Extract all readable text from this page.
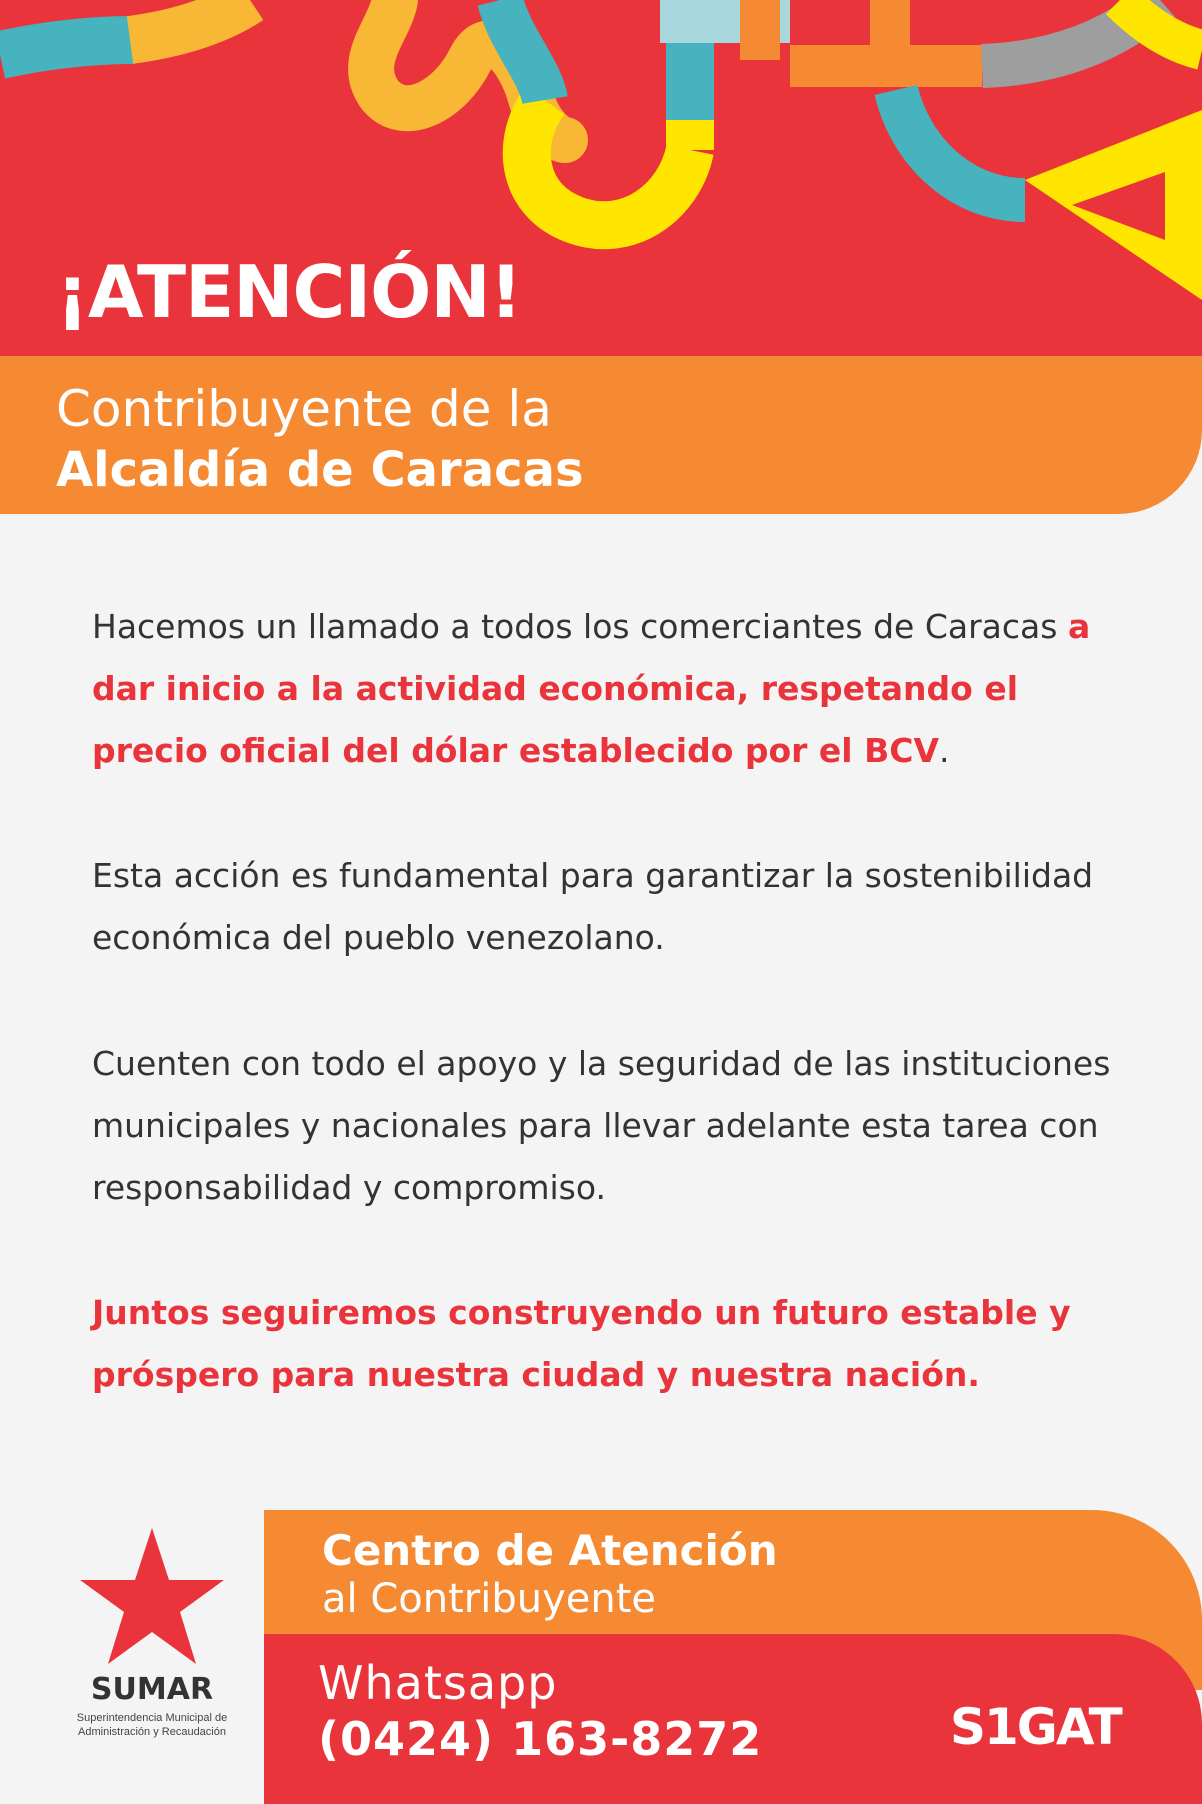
¡ATENCIÓN!
Contribuyente de la
Alcaldía de Caracas
Hacemos un llamado a todos los comerciantes de Caracas a dar inicio a la actividad económica, respetando el precio oficial del dólar establecido por el BCV.
Esta acción es fundamental para garantizar la sostenibilidad económica del pueblo venezolano.
Cuenten con todo el apoyo y la seguridad de las instituciones municipales y nacionales para llevar adelante esta tarea con responsabilidad y compromiso.
Juntos seguiremos construyendo un futuro estable y próspero para nuestra ciudad y nuestra nación.
SUMAR
Superintendencia Municipal de Administración y Recaudación
Centro de Atención
al Contribuyente
Whatsapp
(0424) 163-8272	S1GAT
